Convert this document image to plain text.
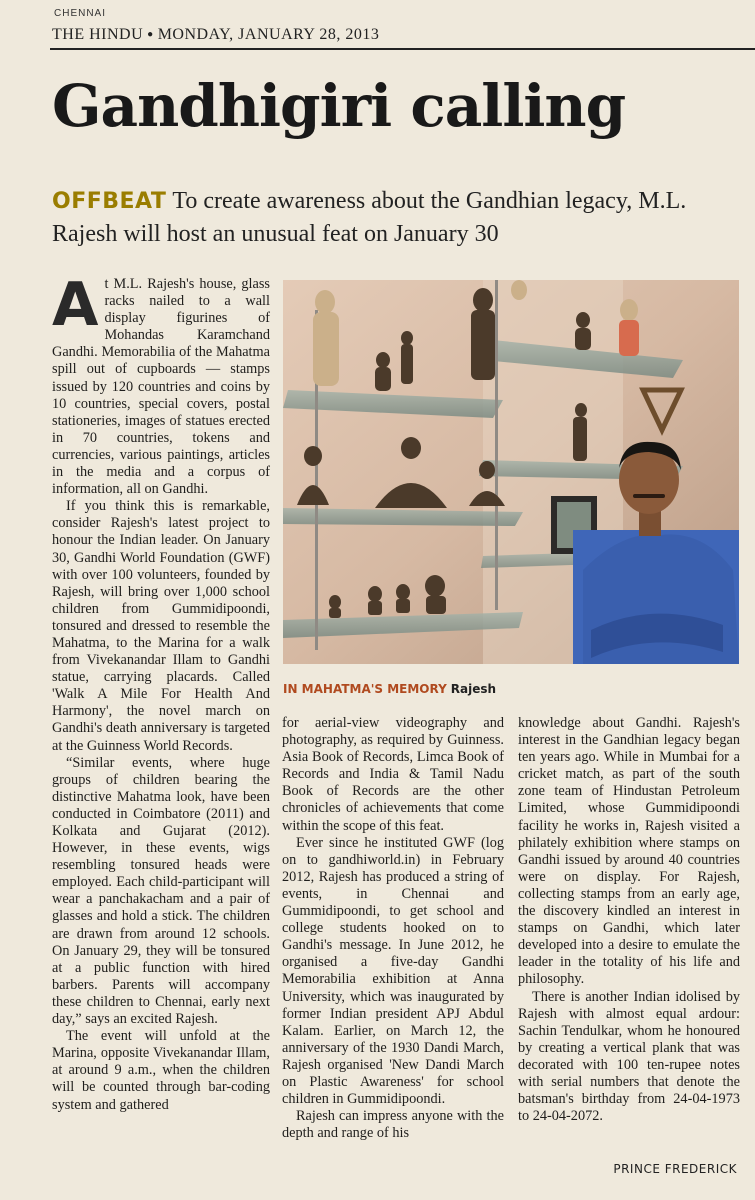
CHENNAI
THE HINDU ● MONDAY, JANUARY 28, 2013
Gandhigiri calling
OFFBEAT To create awareness about the Gandhian legacy, M.L. Rajesh will host an unusual feat on January 30

At M.L. Rajesh's house, glass racks nailed to a wall display figurines of Mohandas Karamchand Gandhi. Memorabilia of the Mahatma spill out of cupboards — stamps issued by 120 countries and coins by 10 countries, special covers, postal stationeries, images of statues erected in 70 countries, tokens and currencies, various paintings, articles in the media and a corpus of information, all on Gandhi.

If you think this is remarkable, consider Rajesh's latest project to honour the Indian leader. On January 30, Gandhi World Foundation (GWF) with over 100 volunteers, founded by Rajesh, will bring over 1,000 school children from Gummidipoondi, tonsured and dressed to resemble the Mahatma, to the Marina for a walk from Vivekanandar Illam to Gandhi statue, carrying placards. Called 'Walk A Mile For Health And Harmony', the novel march on Gandhi's death anniversary is targeted at the Guinness World Records.

“Similar events, where huge groups of children bearing the distinctive Mahatma look, have been conducted in Coimbatore (2011) and Kolkata and Gujarat (2012). However, in these events, wigs resembling tonsured heads were employed. Each child-participant will wear a panchakacham and a pair of glasses and hold a stick. The children are drawn from around 12 schools. On January 29, they will be tonsured at a public function with hired barbers. Parents will accompany these children to Chennai, early next day,” says an excited Rajesh.

The event will unfold at the Marina, opposite Vivekanandar Illam, at around 9 a.m., when the children will be counted through bar-coding system and gathered

IN MAHATMA'S MEMORY Rajesh

for aerial-view videography and photography, as required by Guinness. Asia Book of Records, Limca Book of Records and India & Tamil Nadu Book of Records are the other chronicles of achievements that come within the scope of this feat.

Ever since he instituted GWF (log on to gandhiworld.in) in February 2012, Rajesh has produced a string of events, in Chennai and Gummidipoondi, to get school and college students hooked on to Gandhi's message. In June 2012, he organised a five-day Gandhi Memorabilia exhibition at Anna University, which was inaugurated by former Indian president APJ Abdul Kalam. Earlier, on March 12, the anniversary of the 1930 Dandi March, Rajesh organised 'New Dandi March on Plastic Awareness' for school children in Gummidipoondi.

Rajesh can impress anyone with the depth and range of his

knowledge about Gandhi. Rajesh's interest in the Gandhian legacy began ten years ago. While in Mumbai for a cricket match, as part of the south zone team of Hindustan Petroleum Limited, whose Gummidipoondi facility he works in, Rajesh visited a philately exhibition where stamps on Gandhi issued by around 40 countries were on display. For Rajesh, collecting stamps from an early age, the discovery kindled an interest in stamps on Gandhi, which later developed into a desire to emulate the leader in the totality of his life and philosophy.

There is another Indian idolised by Rajesh with almost equal ardour: Sachin Tendulkar, whom he honoured by creating a vertical plank that was decorated with 100 ten-rupee notes with serial numbers that denote the batsman's birthday from 24-04-1973 to 24-04-2072.

PRINCE FREDERICK
